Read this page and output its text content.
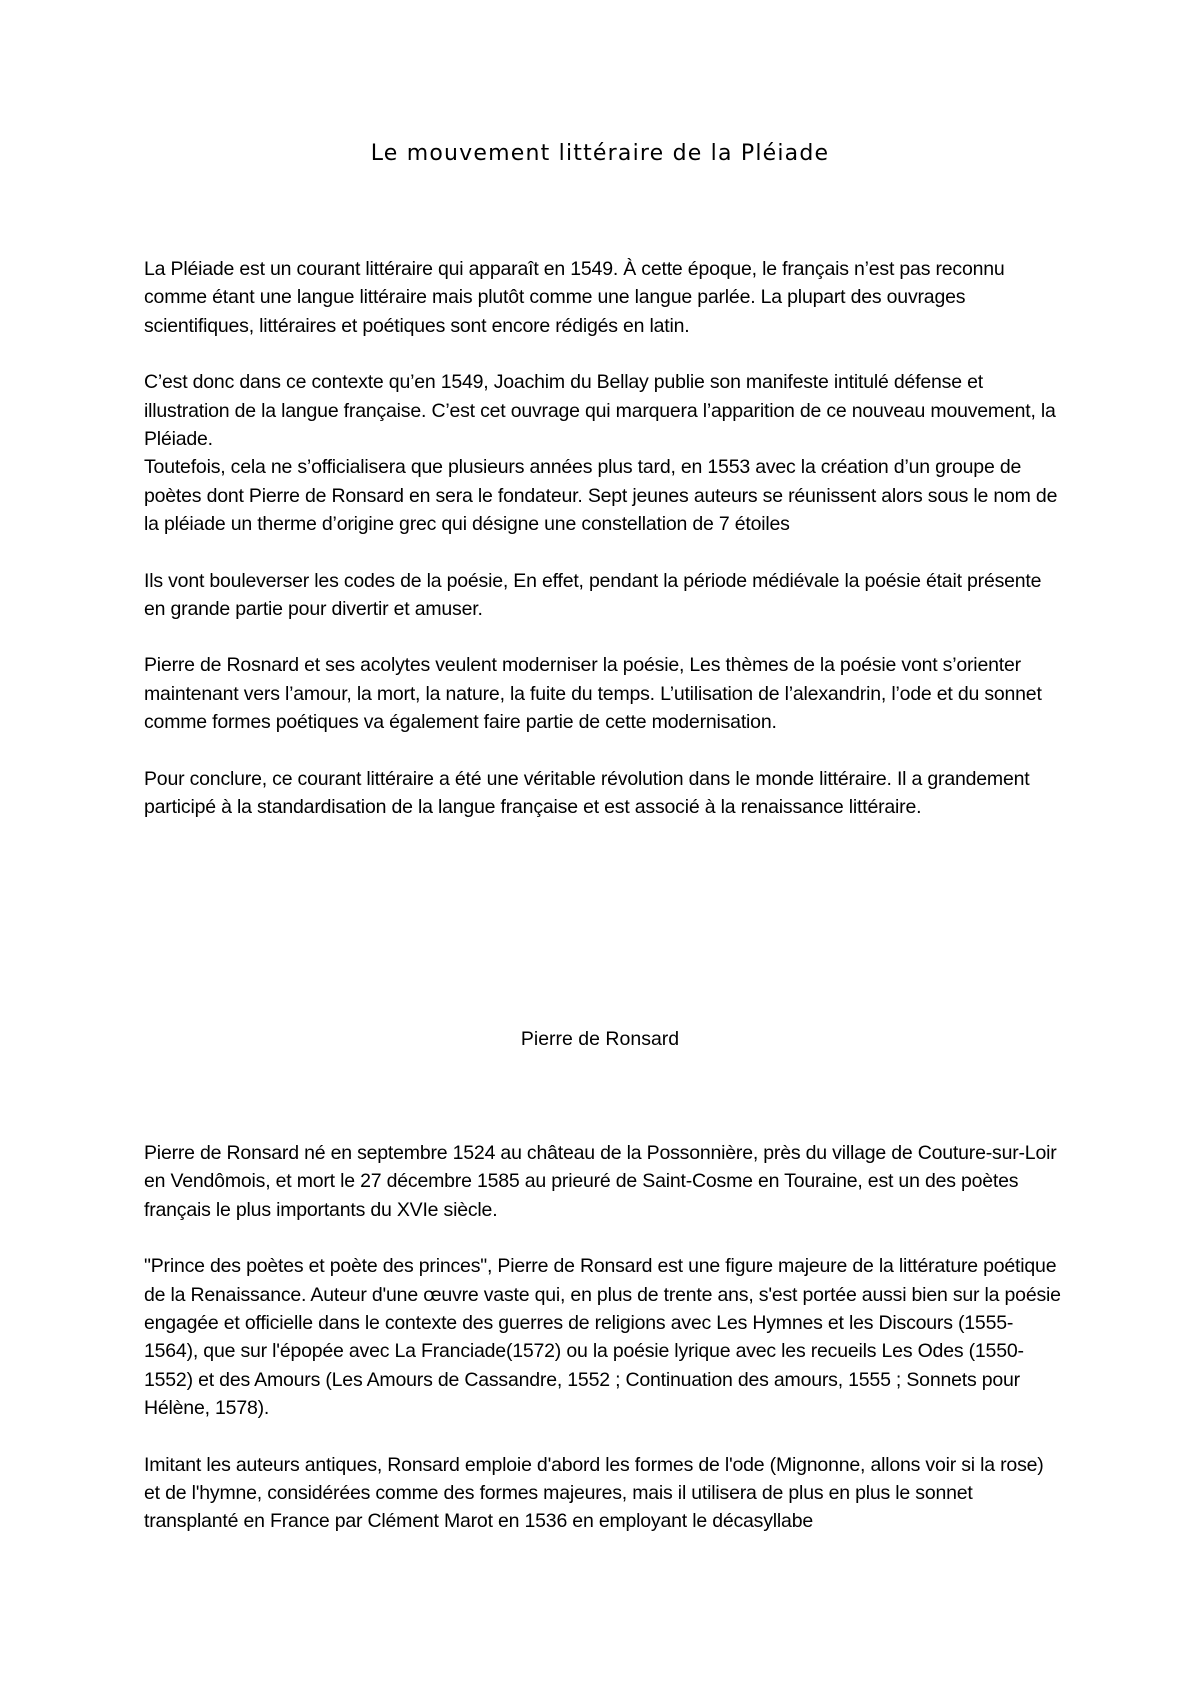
Le mouvement littéraire de la Pléiade

La Pléiade est un courant littéraire qui apparaît en 1549. À cette époque, le français n’est pas reconnu comme étant une langue littéraire mais plutôt comme une langue parlée. La plupart des ouvrages scientifiques, littéraires et poétiques sont encore rédigés en latin.

C’est donc dans ce contexte qu’en 1549, Joachim du Bellay publie son manifeste intitulé défense et illustration de la langue française. C’est cet ouvrage qui marquera l’apparition de ce nouveau mouvement, la Pléiade.

Toutefois, cela ne s’officialisera que plusieurs années plus tard, en 1553 avec la création d’un groupe de poètes dont Pierre de Ronsard en sera le fondateur. Sept jeunes auteurs se réunissent alors sous le nom de la pléiade un therme d’origine grec qui désigne une constellation de 7 étoiles

Ils vont bouleverser les codes de la poésie, En effet, pendant la période médiévale la poésie était présente en grande partie pour divertir et amuser.

Pierre de Rosnard et ses acolytes veulent moderniser la poésie, Les thèmes de la poésie vont s’orienter maintenant vers l’amour, la mort, la nature, la fuite du temps. L’utilisation de l’alexandrin, l’ode et du sonnet comme formes poétiques va également faire partie de cette modernisation.

Pour conclure, ce courant littéraire a été une véritable révolution dans le monde littéraire. Il a grandement participé à la standardisation de la langue française et est associé à la renaissance littéraire.

Pierre de Ronsard

Pierre de Ronsard né en septembre 1524 au château de la Possonnière, près du village de Couture-sur-Loir en Vendômois, et mort le 27 décembre 1585 au prieuré de Saint-Cosme en Touraine, est un des poètes français le plus importants du XVIe siècle.

"Prince des poètes et poète des princes", Pierre de Ronsard est une figure majeure de la littérature poétique de la Renaissance. Auteur d'une œuvre vaste qui, en plus de trente ans, s'est portée aussi bien sur la poésie engagée et officielle dans le contexte des guerres de religions avec Les Hymnes et les Discours (1555-1564), que sur l'épopée avec La Franciade(1572) ou la poésie lyrique avec les recueils Les Odes (1550-1552) et des Amours (Les Amours de Cassandre, 1552 ; Continuation des amours, 1555 ; Sonnets pour Hélène, 1578).

Imitant les auteurs antiques, Ronsard emploie d'abord les formes de l'ode (Mignonne, allons voir si la rose) et de l'hymne, considérées comme des formes majeures, mais il utilisera de plus en plus le sonnet transplanté en France par Clément Marot en 1536 en employant le décasyllabe
